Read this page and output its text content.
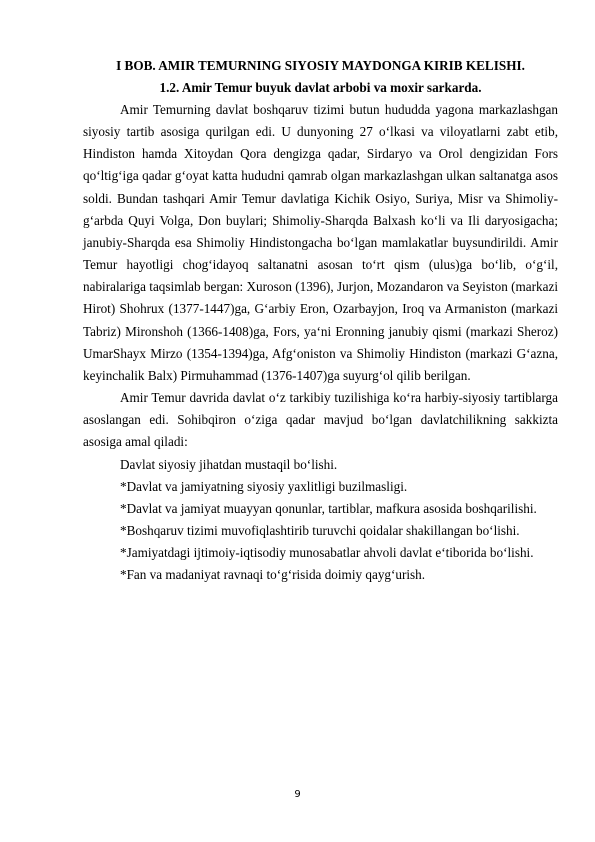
I BOB. AMIR TEMURNING SIYOSIY MAYDONGA KIRIB KELISHI.
1.2. Amir Temur buyuk davlat arbobi va moxir sarkarda.

Amir Temurning davlat boshqaruv tizimi butun hududda yagona markazlashgan siyosiy tartib asosiga qurilgan edi. U dunyoning 27 o‘lkasi va viloyatlarni zabt etib, Hindiston hamda Xitoydan Qora dengizga qadar, Sirdaryo va Orol dengizidan Fors qo‘ltig‘iga qadar g‘oyat katta hududni qamrab olgan markazlashgan ulkan saltanatga asos soldi. Bundan tashqari Amir Temur davlatiga Kichik Osiyo, Suriya, Misr va Shimoliy-g‘arbda Quyi Volga, Don buylari; Shimoliy-Sharqda Balxash ko‘li va Ili daryosigacha; janubiy-Sharqda esa Shimoliy Hindistongacha bo‘lgan mamlakatlar buysundirildi. Amir Temur hayotligi chog‘idayoq saltanatni asosan to‘rt qism (ulus)ga bo‘lib, o‘g‘il, nabiralariga taqsimlab bergan: Xuroson (1396), Jurjon, Mozandaron va Seyiston (markazi Hirot) Shohrux (1377-1447)ga, G‘arbiy Eron, Ozarbayjon, Iroq va Armaniston (markazi Tabriz) Mironshoh (1366-1408)ga, Fors, ya‘ni Eronning janubiy qismi (markazi Sheroz) UmarShayx Mirzo (1354-1394)ga, Afg‘oniston va Shimoliy Hindiston (markazi G‘azna, keyinchalik Balx) Pirmuhammad (1376-1407)ga suyurg‘ol qilib berilgan.

Amir Temur davrida davlat o‘z tarkibiy tuzilishiga ko‘ra harbiy-siyosiy tartiblarga asoslangan edi. Sohibqiron o‘ziga qadar mavjud bo‘lgan davlatchilikning sakkizta asosiga amal qiladi:

Davlat siyosiy jihatdan mustaqil bo‘lishi.

*Davlat va jamiyatning siyosiy yaxlitligi buzilmasligi.

*Davlat va jamiyat muayyan qonunlar, tartiblar, mafkura asosida boshqarilishi.

*Boshqaruv tizimi muvofiqlashtirib turuvchi qoidalar shakillangan bo‘lishi.

*Jamiyatdagi ijtimoiy-iqtisodiy munosabatlar ahvoli davlat e‘tiborida bo‘lishi.

*Fan va madaniyat ravnaqi to‘g‘risida doimiy qayg‘urish.

9
